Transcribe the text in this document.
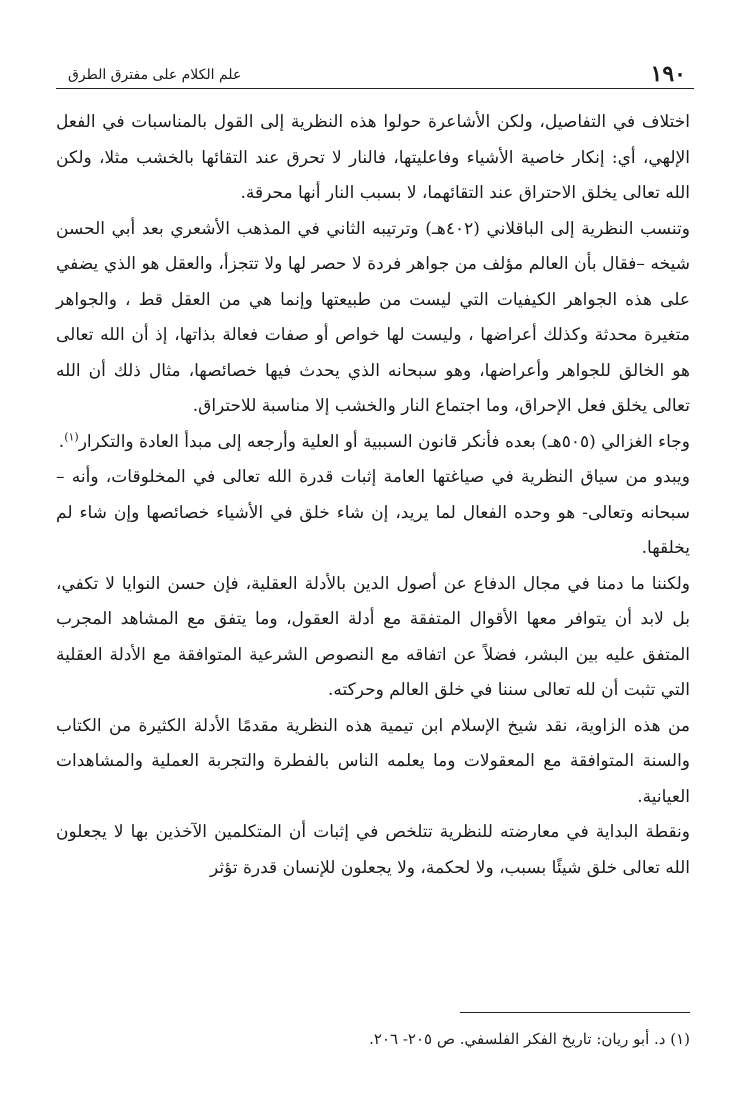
١٩٠
علم الكلام على مفترق الطرق

اختلاف في التفاصيل، ولكن الأشاعرة حولوا هذه النظرية إلى القول بالمناسبات في الفعل الإلهي، أي: إنكار خاصية الأشياء وفاعليتها، فالنار لا تحرق عند التقائها بالخشب مثلا، ولكن الله تعالى يخلق الاحتراق عند التقائهما، لا بسبب النار أنها محرقة.

وتنسب النظرية إلى الباقلاني (٤٠٢هـ) وترتيبه الثاني في المذهب الأشعري بعد أبي الحسن شيخه –فقال بأن العالم مؤلف من جواهر فردة لا حصر لها ولا تتجزأ، والعقل هو الذي يضفي على هذه الجواهر الكيفيات التي ليست من طبيعتها وإنما هي من العقل قط ، والجواهر متغيرة محدثة وكذلك أعراضها ، وليست لها خواص أو صفات فعالة بذاتها، إذ أن الله تعالى هو الخالق للجواهر وأعراضها، وهو سبحانه الذي يحدث فيها خصائصها، مثال ذلك أن الله تعالى يخلق فعل الإحراق، وما اجتماع النار والخشب إلا مناسبة للاحتراق.

وجاء الغزالي (٥٠٥هـ) بعده فأنكر قانون السببية أو العلية وأرجعه إلى مبدأ العادة والتكرار$^{(١)}$.

ويبدو من سياق النظرية في صياغتها العامة إثبات قدرة الله تعالى في المخلوقات، وأنه –سبحانه وتعالى- هو وحده الفعال لما يريد، إن شاء خلق في الأشياء خصائصها وإن شاء لم يخلقها.

ولكننا ما دمنا في مجال الدفاع عن أصول الدين بالأدلة العقلية، فإن حسن النوايا لا تكفي، بل لابد أن يتوافر معها الأقوال المتفقة مع أدلة العقول، وما يتفق مع المشاهد المجرب المتفق عليه بين البشر، فضلاً عن اتفاقه مع النصوص الشرعية المتوافقة مع الأدلة العقلية التي تثبت أن لله تعالى سننا في خلق العالم وحركته.

من هذه الزاوية، نقد شيخ الإسلام ابن تيمية هذه النظرية مقدمًا الأدلة الكثيرة من الكتاب والسنة المتوافقة مع المعقولات وما يعلمه الناس بالفطرة والتجربة العملية والمشاهدات العيانية.

ونقطة البداية في معارضته للنظرية تتلخص في إثبات أن المتكلمين الآخذين بها لا يجعلون الله تعالى خلق شيئًا بسبب، ولا لحكمة، ولا يجعلون للإنسان قدرة تؤثر

(١) د. أبو ريان: تاريخ الفكر الفلسفي. ص ٢٠٥- ٢٠٦.
